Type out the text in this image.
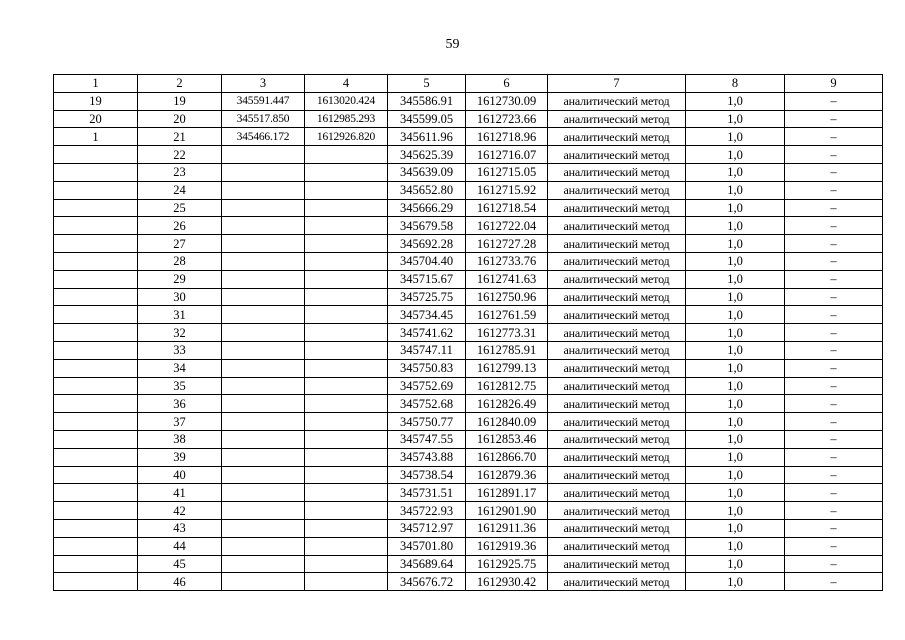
59
1	2	3	4	5	6	7	8	9
19	19	345591.447	1613020.424	345586.91	1612730.09	аналитический метод	1,0	–
20	20	345517.850	1612985.293	345599.05	1612723.66	аналитический метод	1,0	–
1	21	345466.172	1612926.820	345611.96	1612718.96	аналитический метод	1,0	–
	22			345625.39	1612716.07	аналитический метод	1,0	–
	23			345639.09	1612715.05	аналитический метод	1,0	–
	24			345652.80	1612715.92	аналитический метод	1,0	–
	25			345666.29	1612718.54	аналитический метод	1,0	–
	26			345679.58	1612722.04	аналитический метод	1,0	–
	27			345692.28	1612727.28	аналитический метод	1,0	–
	28			345704.40	1612733.76	аналитический метод	1,0	–
	29			345715.67	1612741.63	аналитический метод	1,0	–
	30			345725.75	1612750.96	аналитический метод	1,0	–
	31			345734.45	1612761.59	аналитический метод	1,0	–
	32			345741.62	1612773.31	аналитический метод	1,0	–
	33			345747.11	1612785.91	аналитический метод	1,0	–
	34			345750.83	1612799.13	аналитический метод	1,0	–
	35			345752.69	1612812.75	аналитический метод	1,0	–
	36			345752.68	1612826.49	аналитический метод	1,0	–
	37			345750.77	1612840.09	аналитический метод	1,0	–
	38			345747.55	1612853.46	аналитический метод	1,0	–
	39			345743.88	1612866.70	аналитический метод	1,0	–
	40			345738.54	1612879.36	аналитический метод	1,0	–
	41			345731.51	1612891.17	аналитический метод	1,0	–
	42			345722.93	1612901.90	аналитический метод	1,0	–
	43			345712.97	1612911.36	аналитический метод	1,0	–
	44			345701.80	1612919.36	аналитический метод	1,0	–
	45			345689.64	1612925.75	аналитический метод	1,0	–
	46			345676.72	1612930.42	аналитический метод	1,0	–
